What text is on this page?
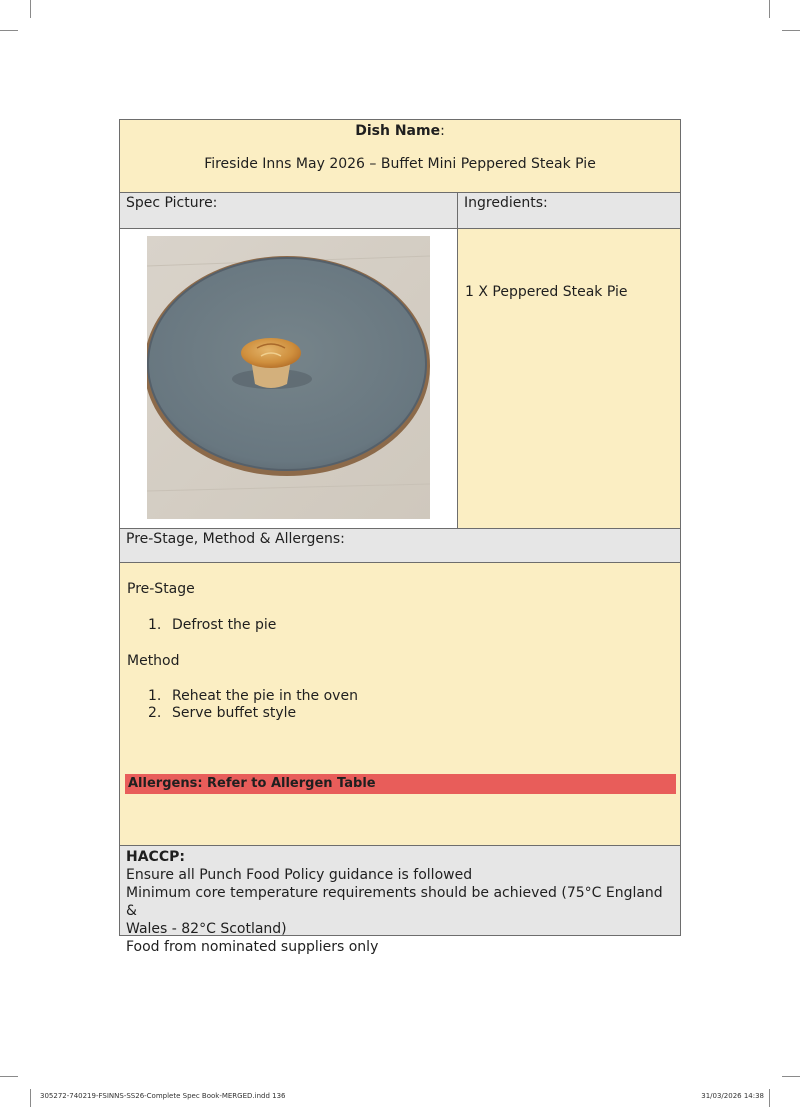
Dish Name:
Fireside Inns May 2026 – Buffet Mini Peppered Steak Pie
Spec Picture:	Ingredients:
1 X Peppered Steak Pie
Pre-Stage, Method & Allergens:
Pre-Stage
1. Defrost the pie
Method
1. Reheat the pie in the oven
2. Serve buffet style
Allergens: Refer to Allergen Table
HACCP:
Ensure all Punch Food Policy guidance is followed
Minimum core temperature requirements should be achieved (75°C England &
Wales - 82°C Scotland)
Food from nominated suppliers only
305272-740219-FSINNS-SS26-Complete Spec Book-MERGED.indd 136	31/03/2026 14:38
